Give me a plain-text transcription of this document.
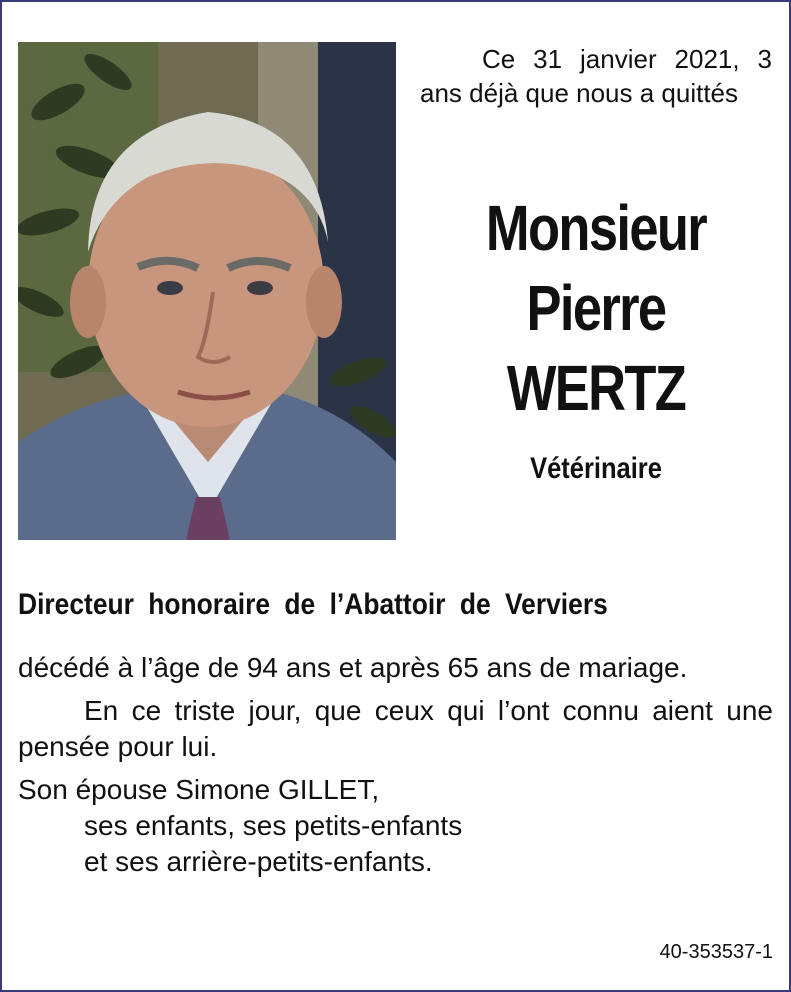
Ce 31 janvier 2021, 3 ans déjà que nous a quittés
Monsieur
Pierre
WERTZ
Vétérinaire
Directeur honoraire de l’Abattoir de Verviers

décédé à l’âge de 94 ans et après 65 ans de mariage.

En ce triste jour, que ceux qui l’ont connu aient une pensée pour lui.

Son épouse Simone GILLET,

ses enfants, ses petits-enfants

et ses arrière-petits-enfants.

40-353537-1
